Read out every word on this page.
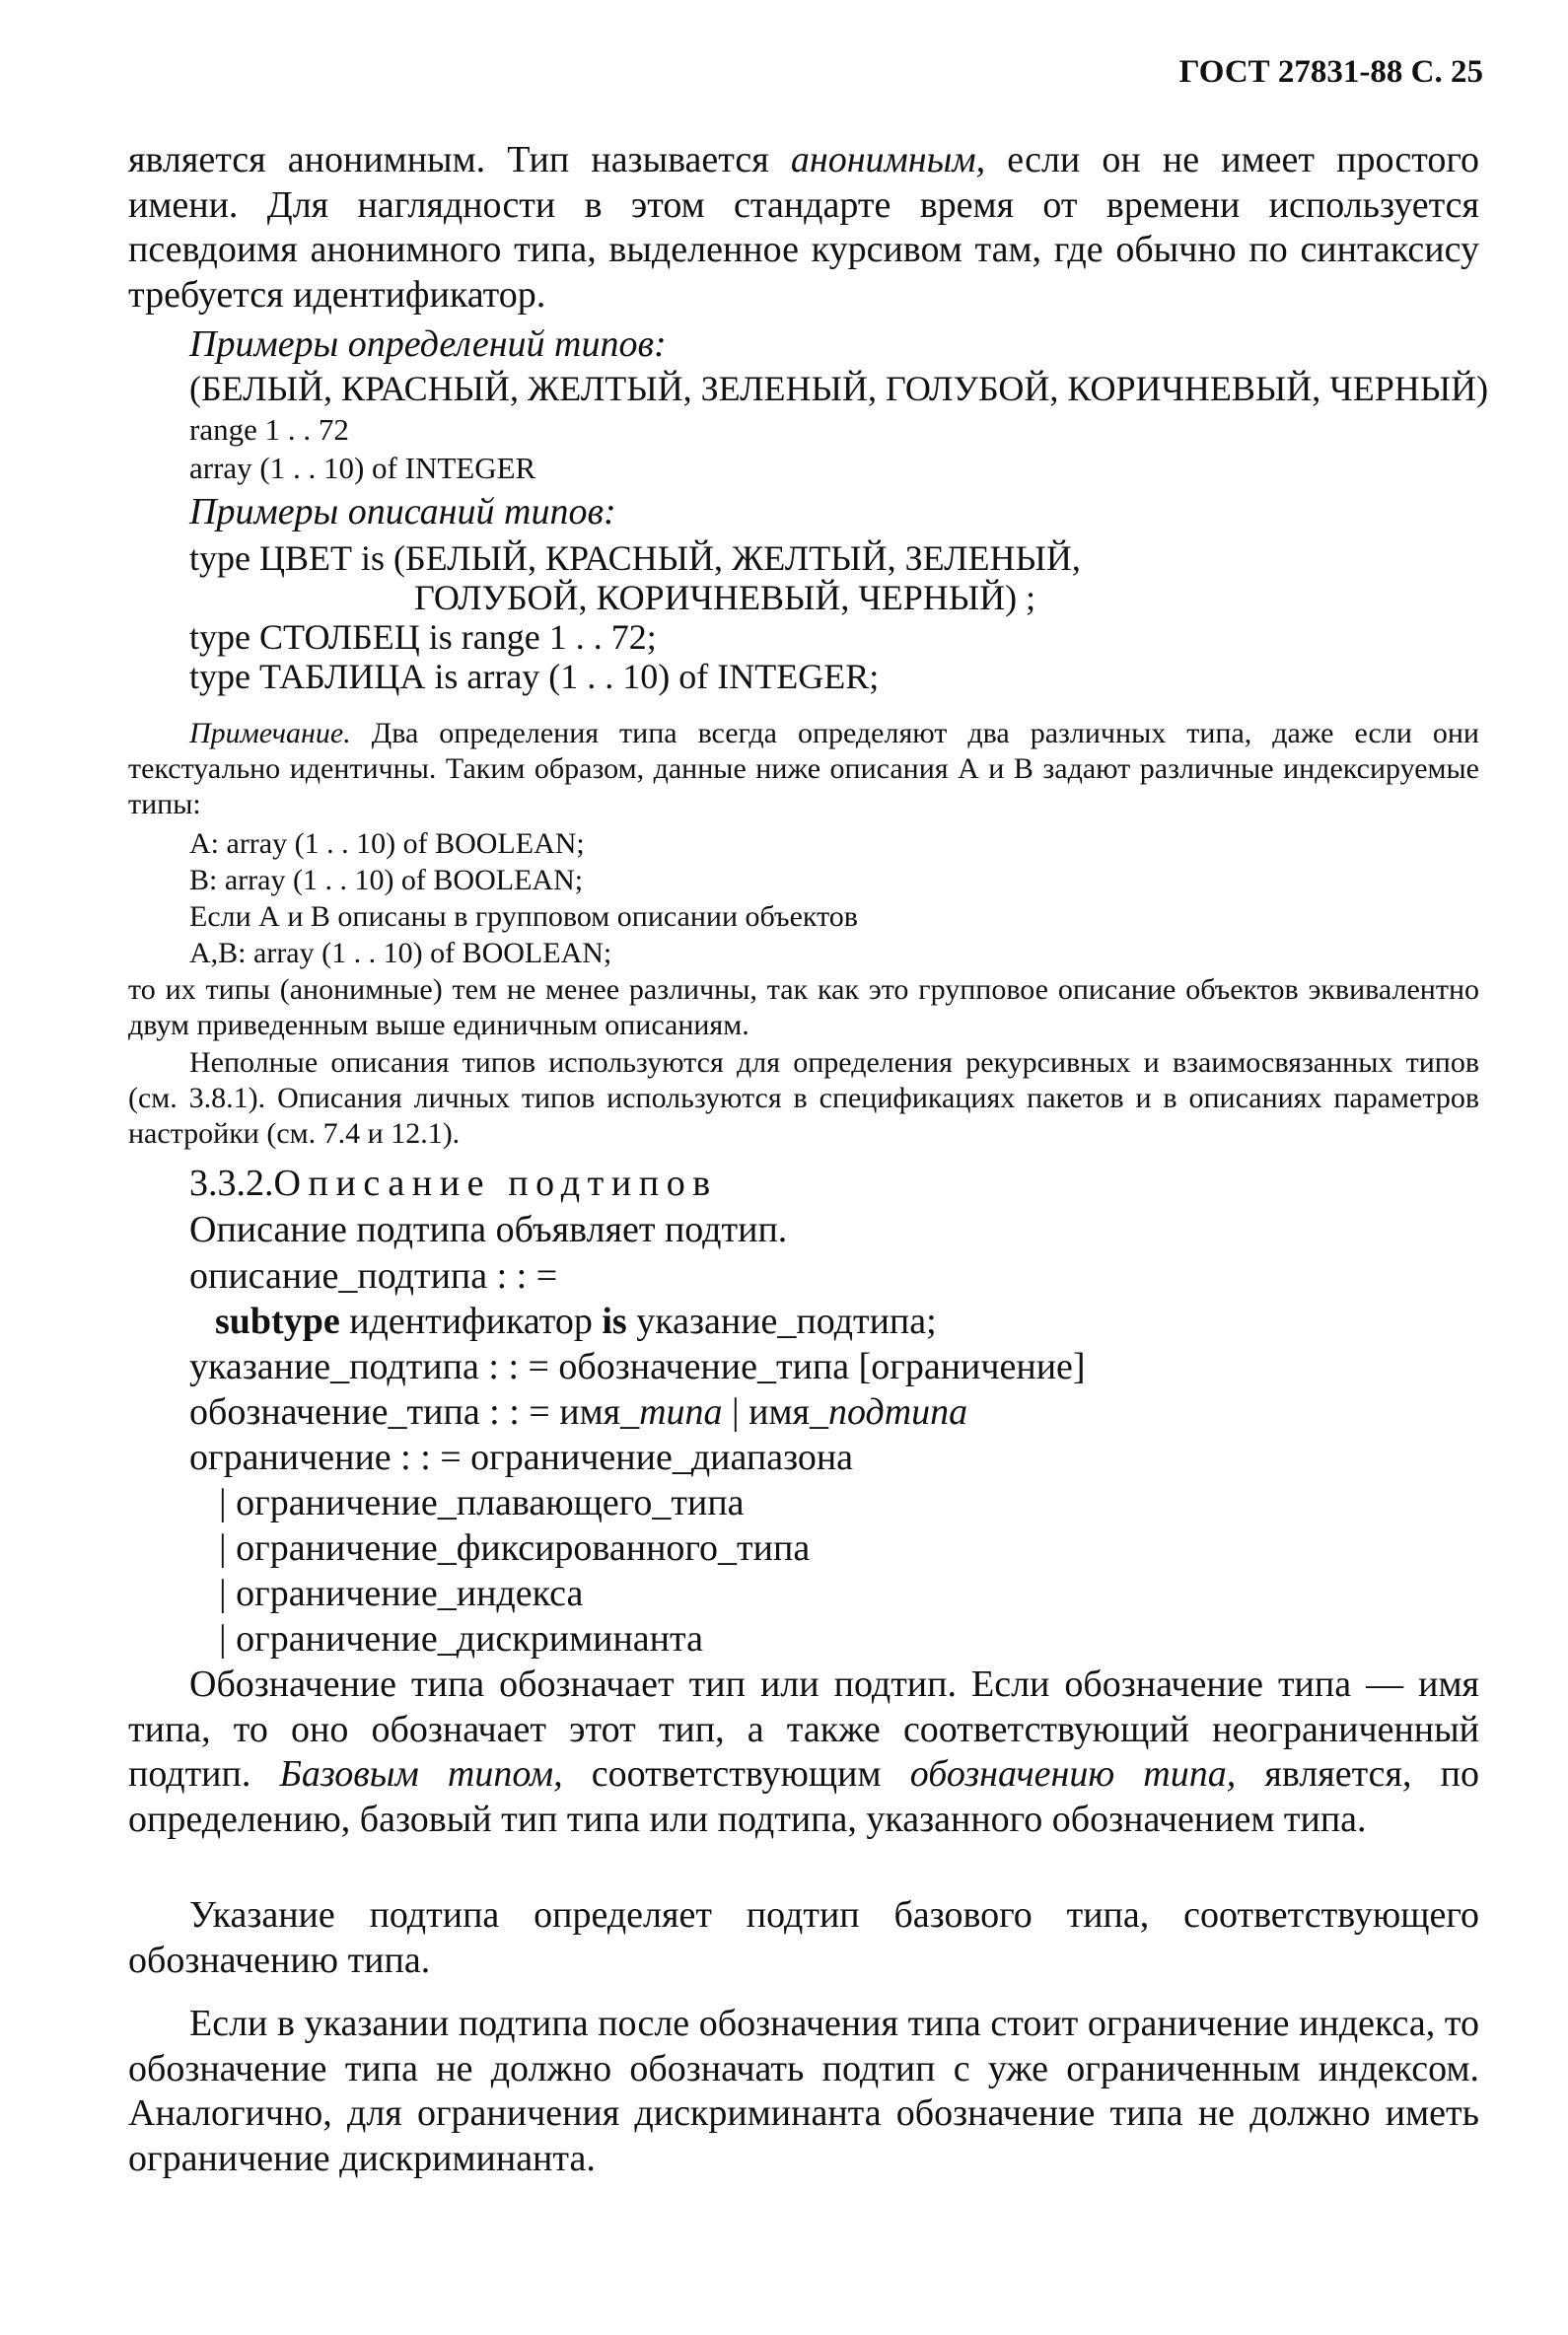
ГОСТ 27831-88 С. 25

является анонимным. Тип называется анонимным, если он не имеет простого имени. Для наглядности в этом стандарте время от времени используется псевдоимя анонимного типа, выделенное курсивом там, где обычно по синтаксису требуется идентификатор.

Примеры определений типов:

(БЕЛЫЙ, КРАСНЫЙ, ЖЕЛТЫЙ, ЗЕЛЕНЫЙ, ГОЛУБОЙ, КОРИЧНЕВЫЙ, ЧЕРНЫЙ)

range 1 . . 72

array (1 . . 10) of INTEGER

Примеры описаний типов:

type ЦВЕТ is (БЕЛЫЙ, КРАСНЫЙ, ЖЕЛТЫЙ, ЗЕЛЕНЫЙ,

ГОЛУБОЙ, КОРИЧНЕВЫЙ, ЧЕРНЫЙ) ;

type СТОЛБЕЦ is range 1 . . 72;

type ТАБЛИЦА is array (1 . . 10) of INTEGER;

Примечание. Два определения типа всегда определяют два различных типа, даже если они текстуально идентичны. Таким образом, данные ниже описания А и В задают различные индексируемые типы:

A: array (1 . . 10) of BOOLEAN;

B: array (1 . . 10) of BOOLEAN;

Если А и В описаны в групповом описании объектов

A,B: array (1 . . 10) of BOOLEAN;

то их типы (анонимные) тем не менее различны, так как это групповое описание объектов эквивалентно двум приведенным выше единичным описаниям.

Неполные описания типов используются для определения рекурсивных и взаимосвязанных типов (см. 3.8.1). Описания личных типов используются в спецификациях пакетов и в описаниях параметров настройки (см. 7.4 и 12.1).

3.3.2.Описание подтипов

Описание подтипа объявляет подтип.

описание_подтипа : : =

subtype идентификатор is указание_подтипа;

указание_подтипа : : = обозначение_типа [ограничение]

обозначение_типа : : = имя_типа | имя_подтипа

ограничение : : = ограничение_диапазона

| ограничение_плавающего_типа

| ограничение_фиксированного_типа

| ограничение_индекса

| ограничение_дискриминанта

Обозначение типа обозначает тип или подтип. Если обозначение типа — имя типа, то оно обозначает этот тип, а также соответствующий неограниченный подтип. Базовым типом, соответствующим обозначению типа, является, по определению, базовый тип типа или подтипа, указанного обозначением типа.

Указание подтипа определяет подтип базового типа, соответствующего обозначению типа.

Если в указании подтипа после обозначения типа стоит ограничение индекса, то обозначение типа не должно обозначать подтип с уже ограниченным индексом. Аналогично, для ограничения дискриминанта обозначение типа не должно иметь ограничение дискриминанта.
